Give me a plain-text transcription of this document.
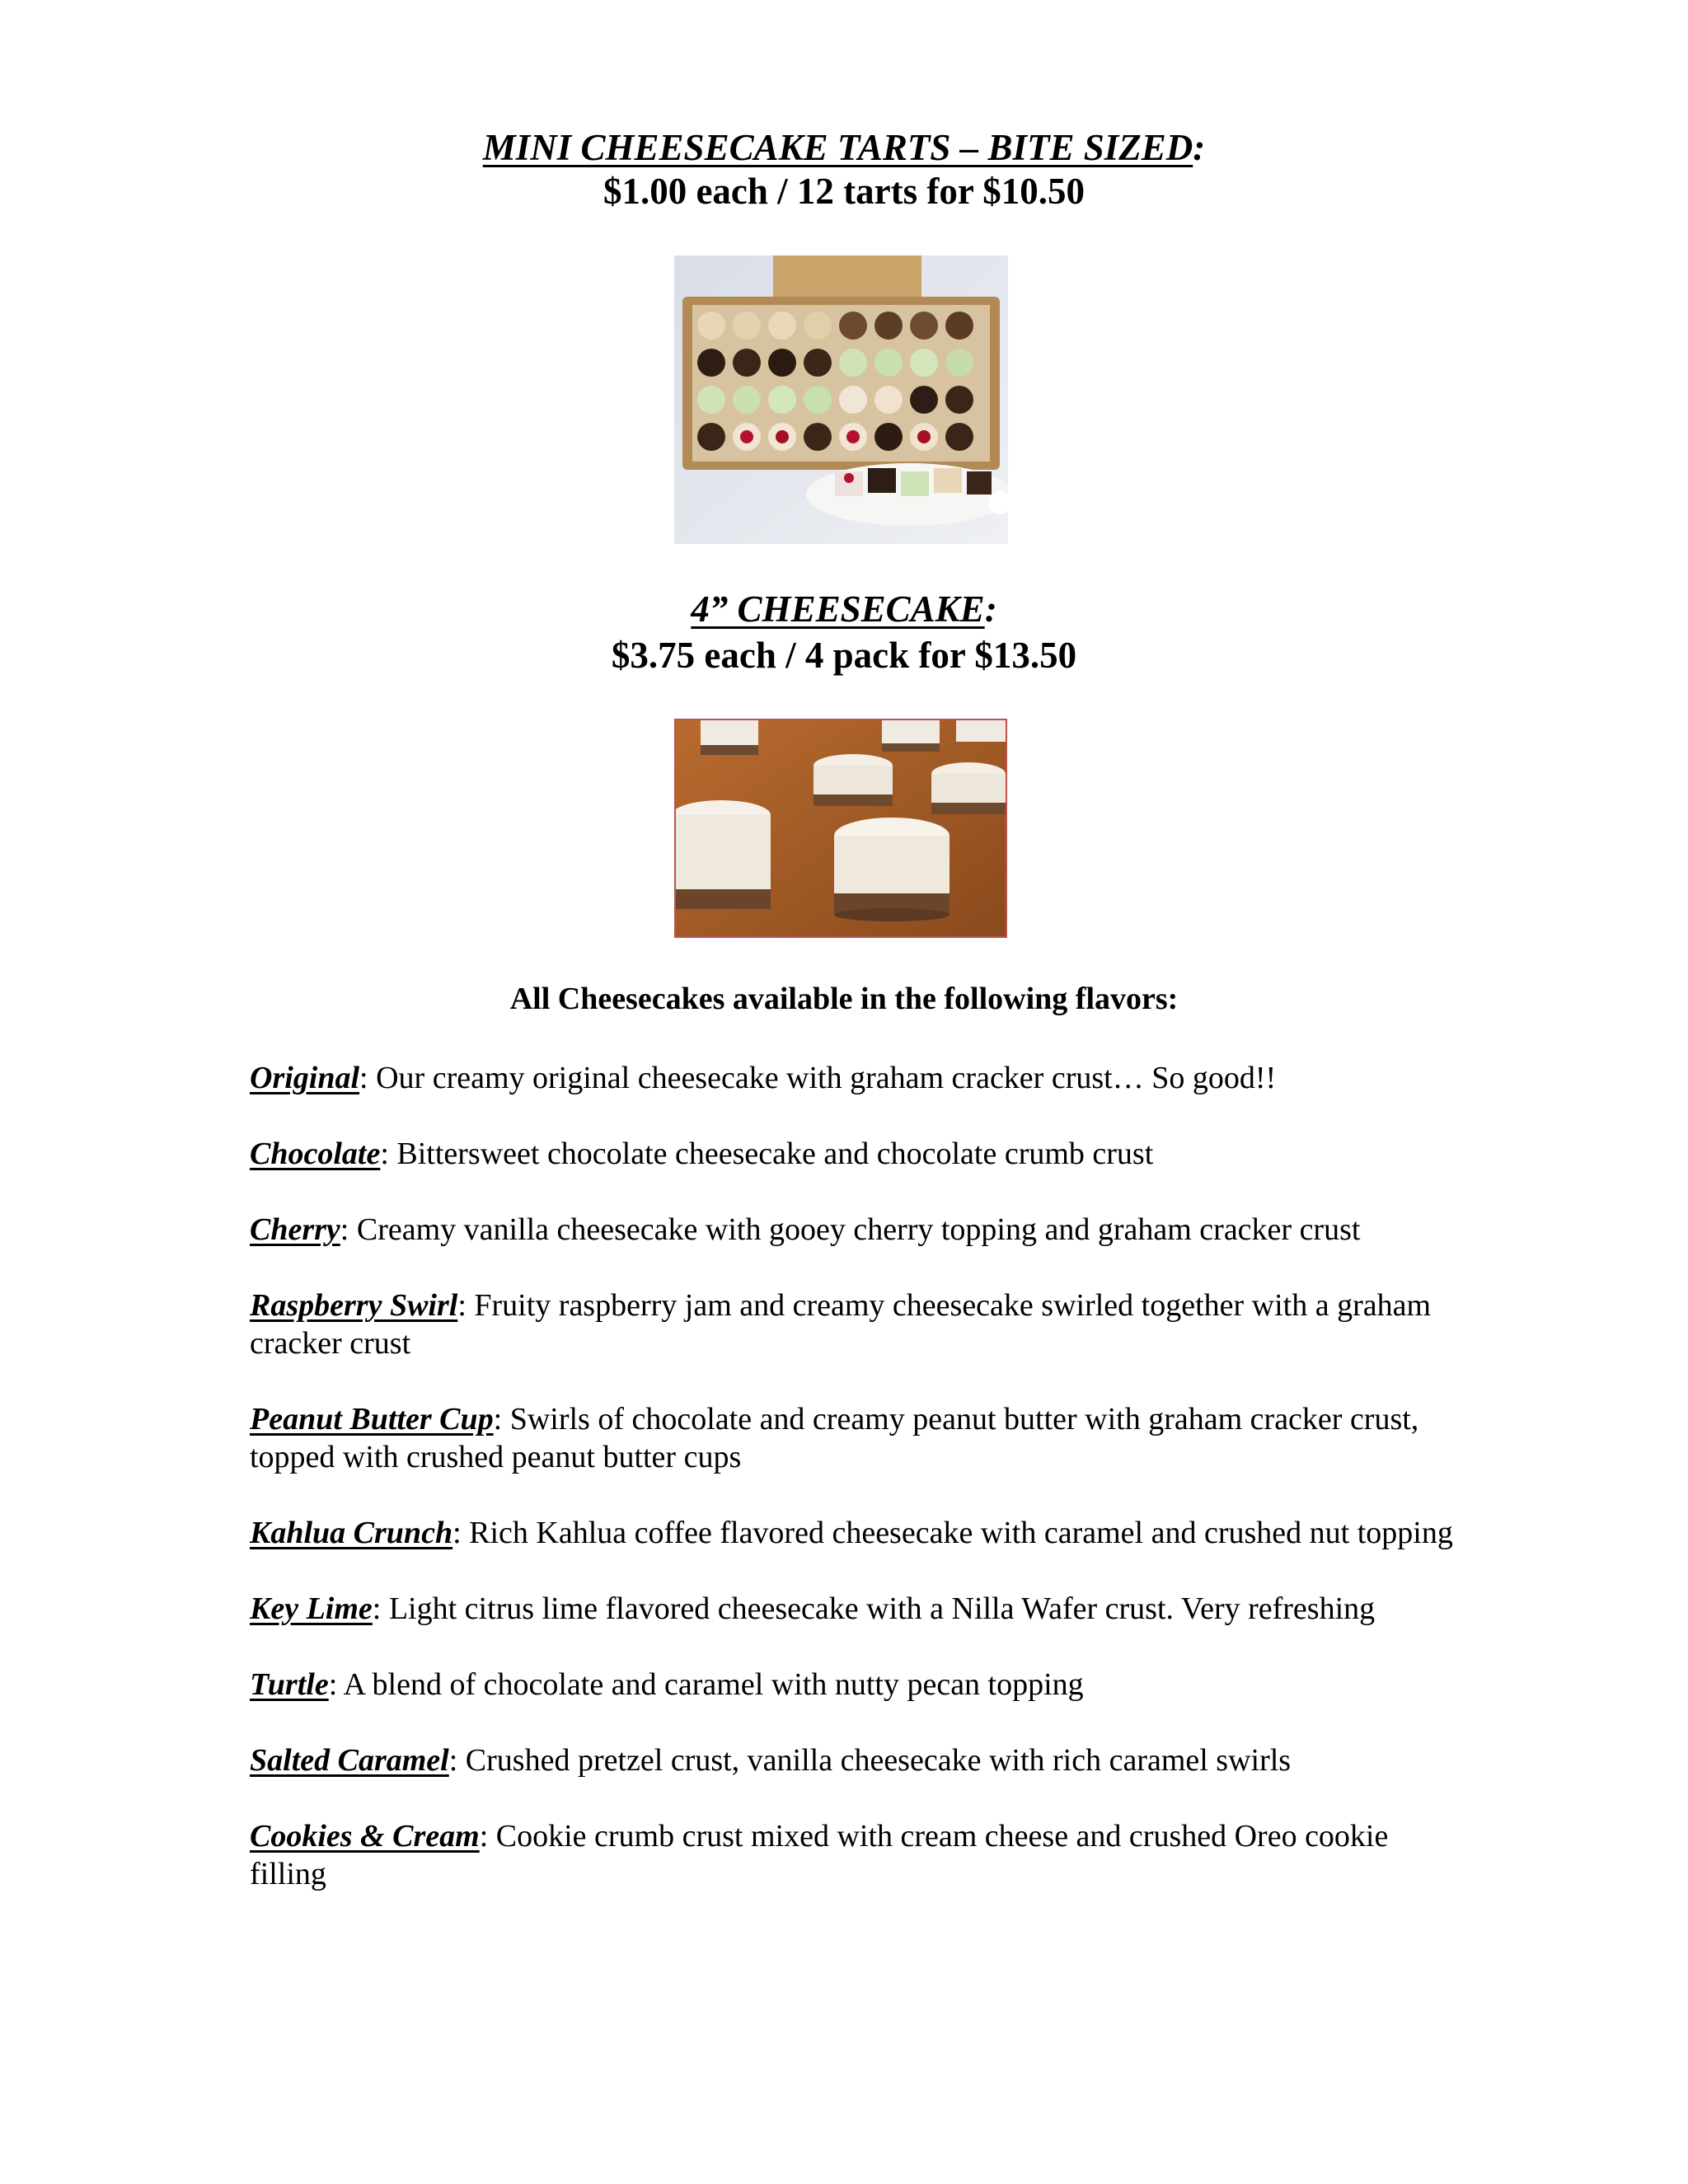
MINI CHEESECAKE TARTS – BITE SIZED:

$1.00 each / 12 tarts for $10.50

4” CHEESECAKE:

$3.75 each / 4 pack for $13.50

All Cheesecakes available in the following flavors:

Original: Our creamy original cheesecake with graham cracker crust… So good!!
Chocolate: Bittersweet chocolate cheesecake and chocolate crumb crust
Cherry: Creamy vanilla cheesecake with gooey cherry topping and graham cracker crust
Raspberry Swirl: Fruity raspberry jam and creamy cheesecake swirled together with a graham cracker crust
Peanut Butter Cup: Swirls of chocolate and creamy peanut butter with graham cracker crust, topped with crushed peanut butter cups
Kahlua Crunch: Rich Kahlua coffee flavored cheesecake with caramel and crushed nut topping
Key Lime: Light citrus lime flavored cheesecake with a Nilla Wafer crust. Very refreshing
Turtle: A blend of chocolate and caramel with nutty pecan topping
Salted Caramel: Crushed pretzel crust, vanilla cheesecake with rich caramel swirls
Cookies & Cream: Cookie crumb crust mixed with cream cheese and crushed Oreo cookie filling
